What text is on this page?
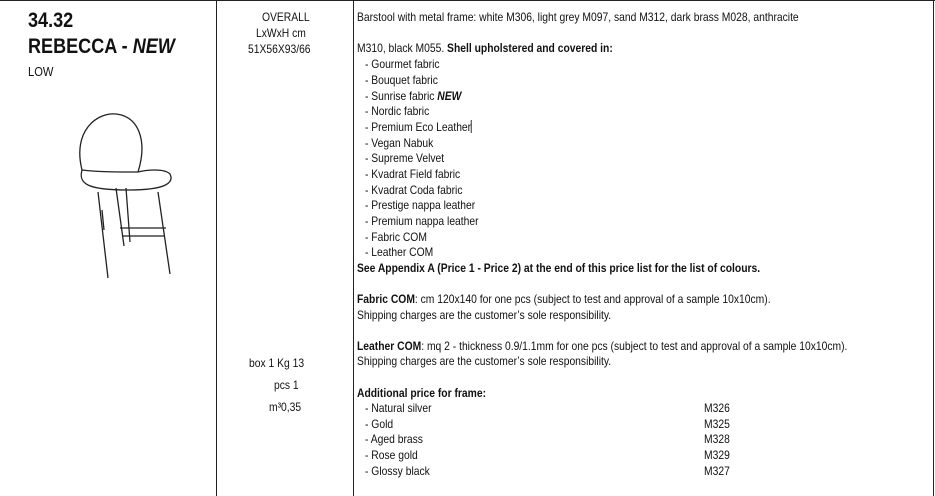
34.32
REBECCA - NEW
LOW
OVERALL
LxWxH cm
51X56X93/66
box 1 Kg 13
pcs 1
m³0,35
Barstool with metal frame: white M306, light grey M097, sand M312, dark brass M028, anthracite
M310, black M055. Shell upholstered and covered in:
- Gourmet fabric
- Bouquet fabric
- Sunrise fabric NEW
- Nordic fabric
- Premium Eco Leather
- Vegan Nabuk
- Supreme Velvet
- Kvadrat Field fabric
- Kvadrat Coda fabric
- Prestige nappa leather
- Premium nappa leather
- Fabric COM
- Leather COM
See Appendix A (Price 1 - Price 2) at the end of this price list for the list of colours.
Fabric COM: cm 120x140 for one pcs (subject to test and approval of a sample 10x10cm).
Shipping charges are the customer’s sole responsibility.
Leather COM: mq 2 - thickness 0.9/1.1mm for one pcs (subject to test and approval of a sample 10x10cm).
Shipping charges are the customer’s sole responsibility.
Additional price for frame:
- Natural silver	M326
- Gold	M325
- Aged brass	M328
- Rose gold	M329
- Glossy black	M327
